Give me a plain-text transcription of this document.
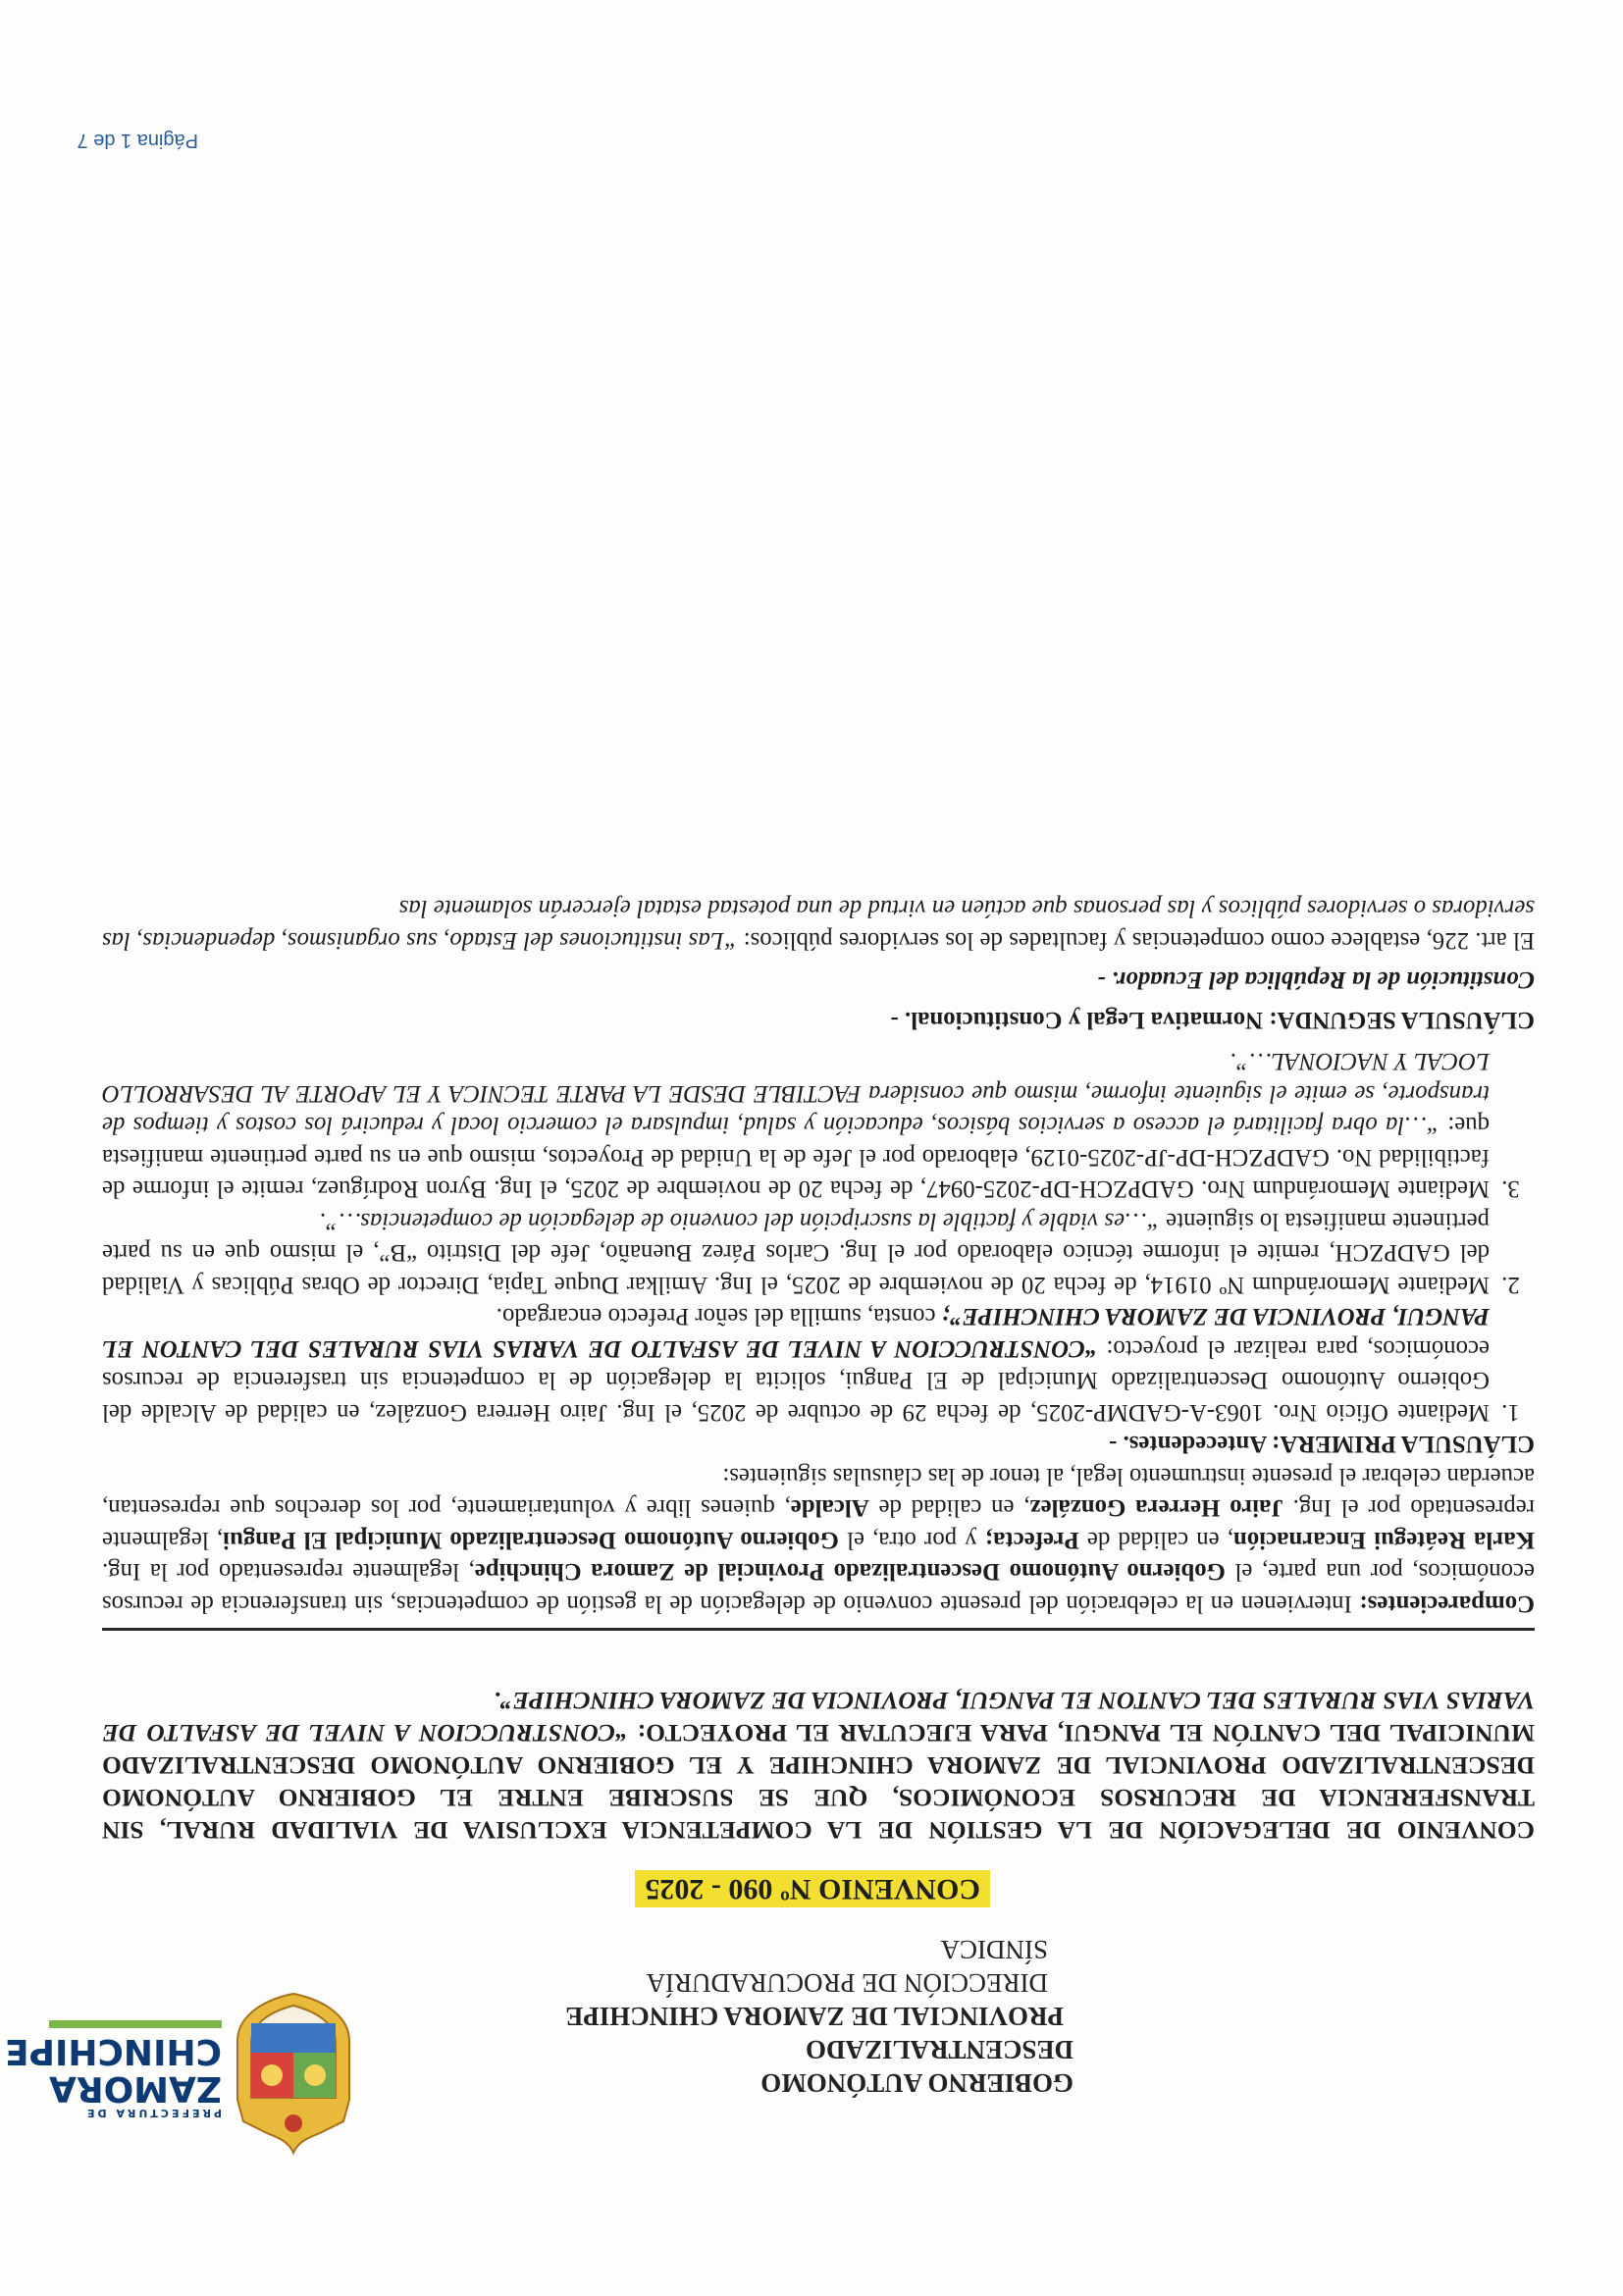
PREFECTURA DE
ZAMORA
CHINCHIPE
GOBIERNO AUTÓNOMO DESCENTRALIZADO
PROVINCIAL DE ZAMORA CHINCHIPE
DIRECCIÓN DE PROCURADURÍA SÍNDICA
CONVENIO Nº 090 - 2025
CONVENIO DE DELEGACIÓN DE LA GESTIÓN DE LA COMPETENCIA EXCLUSIVA DE VIALIDAD RURAL, SIN TRANSFERENCIA DE RECURSOS ECONÓMICOS, QUE SE SUSCRIBE ENTRE EL GOBIERNO AUTÓNOMO DESCENTRALIZADO PROVINCIAL DE ZAMORA CHINCHIPE Y EL GOBIERNO AUTÓNOMO DESCENTRALIZADO MUNICIPAL DEL CANTÓN EL PANGUI, PARA EJECUTAR EL PROYECTO: “CONSTRUCCION A NIVEL DE ASFALTO DE VARIAS VIAS RURALES DEL CANTON EL PANGUI, PROVINCIA DE ZAMORA CHINCHIPE”.

Comparecientes: Intervienen en la celebración del presente convenio de delegación de la gestión de competencias, sin transferencia de recursos económicos, por una parte, el Gobierno Autónomo Descentralizado Provincial de Zamora Chinchipe, legalmente representado por la Ing. Karla Reátegui Encarnación, en calidad de Prefecta; y por otra, el Gobierno Autónomo Descentralizado Municipal El Pangui, legalmente representado por el Ing. Jairo Herrera González, en calidad de Alcalde, quienes libre y voluntariamente, por los derechos que representan, acuerdan celebrar el presente instrumento legal, al tenor de las cláusulas siguientes:

CLÁUSULA PRIMERA: Antecedentes. -

1. Mediante Oficio Nro. 1063-A-GADMP-2025, de fecha 29 de octubre de 2025, el Ing. Jairo Herrera González, en calidad de Alcalde del Gobierno Autónomo Descentralizado Municipal de El Pangui, solicita la delegación de la competencia sin trasferencia de recursos económicos, para realizar el proyecto: “CONSTRUCCION A NIVEL DE ASFALTO DE VARIAS VIAS RURALES DEL CANTON EL PANGUI, PROVINCIA DE ZAMORA CHINCHIPE”; consta, sumilla del señor Prefecto encargado.
2. Mediante Memorándum Nº 01914, de fecha 20 de noviembre de 2025, el Ing. Amilkar Duque Tapia, Director de Obras Públicas y Vialidad del GADPZCH, remite el informe técnico elaborado por el Ing. Carlos Párez Buenaño, Jefe del Distrito “B”, el mismo que en su parte pertinente manifiesta lo siguiente “…es viable y factible la suscripción del convenio de delegación de competencias…”.
3. Mediante Memorándum Nro. GADPZCH-DP-2025-0947, de fecha 20 de noviembre de 2025, el Ing. Byron Rodríguez, remite el informe de factibilidad No. GADPZCH-DP-JP-2025-0129, elaborado por el Jefe de la Unidad de Proyectos, mismo que en su parte pertinente manifiesta que: “…la obra facilitará el acceso a servicios básicos, educación y salud, impulsara el comercio local y reducirá los costos y tiempos de transporte, se emite el siguiente informe, mismo que considera FACTIBLE DESDE LA PARTE TECNICA Y EL APORTE AL DESARROLLO LOCAL Y NACIONAL…”.

CLÁUSULA SEGUNDA: Normativa Legal y Constitucional. -

Constitución de la República del Ecuador. -

El art. 226, establece como competencias y facultades de los servidores públicos: “Las instituciones del Estado, sus organismos, dependencias, las servidoras o servidores públicos y las personas que actúen en virtud de una potestad estatal ejercerán solamente las

Página 1 de 7
